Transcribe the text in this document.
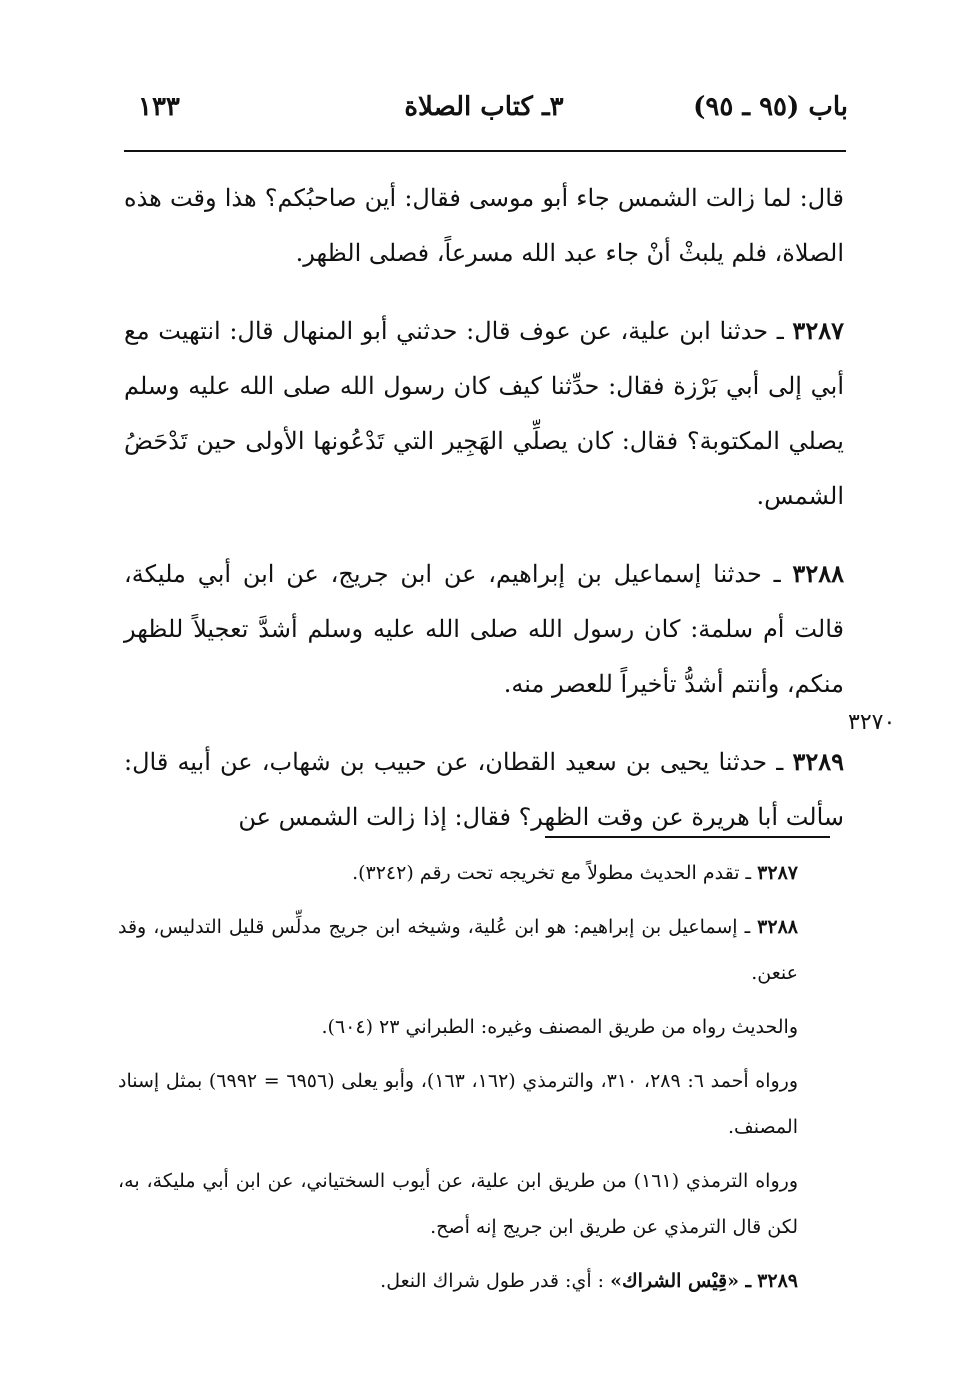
باب (٩٥ ـ ٩٥)
٣ـ كتاب الصلاة
١٣٣

قال: لما زالت الشمس جاء أبو موسى فقال: أين صاحبُكم؟ هذا وقت هذه الصلاة، فلم يلبثْ أنْ جاء عبد الله مسرعاً، فصلى الظهر.

٣٢٨٧ ـ حدثنا ابن علية، عن عوف قال: حدثني أبو المنهال قال: انتهيت مع أبي إلى أبي بَرْزة فقال: حدِّثنا كيف كان رسول الله صلى الله عليه وسلم يصلي المكتوبة؟ فقال: كان يصلِّي الهَجِير التي تَدْعُونها الأولى حين تَدْحَضُ الشمس.

٣٢٨٨ ـ حدثنا إسماعيل بن إبراهيم، عن ابن جريج، عن ابن أبي مليكة، قالت أم سلمة: كان رسول الله صلى الله عليه وسلم أشدَّ تعجيلاً للظهر منكم، وأنتم أشدُّ تأخيراً للعصر منه.

٣٢٨٩ ـ حدثنا يحيى بن سعيد القطان، عن حبيب بن شهاب، عن أبيه قال: سألت أبا هريرة عن وقت الظهر؟ فقال: إذا زالت الشمس عن

٣٢٧٠

٣٢٨٧ ـ تقدم الحديث مطولاً مع تخريجه تحت رقم (٣٢٤٢).

٣٢٨٨ ـ إسماعيل بن إبراهيم: هو ابن عُلية، وشيخه ابن جريج مدلِّس قليل التدليس، وقد عنعن.

والحديث رواه من طريق المصنف وغيره: الطبراني ٢٣ (٦٠٤).

ورواه أحمد ٦: ٢٨٩، ٣١٠، والترمذي (١٦٢، ١٦٣)، وأبو يعلى (٦٩٥٦ = ٦٩٩٢) بمثل إسناد المصنف.

ورواه الترمذي (١٦١) من طريق ابن علية، عن أيوب السختياني، عن ابن أبي مليكة، به، لكن قال الترمذي عن طريق ابن جريج إنه أصح.

٣٢٨٩ ـ «قِيْس الشراك» : أي: قدر طول شراك النعل.
